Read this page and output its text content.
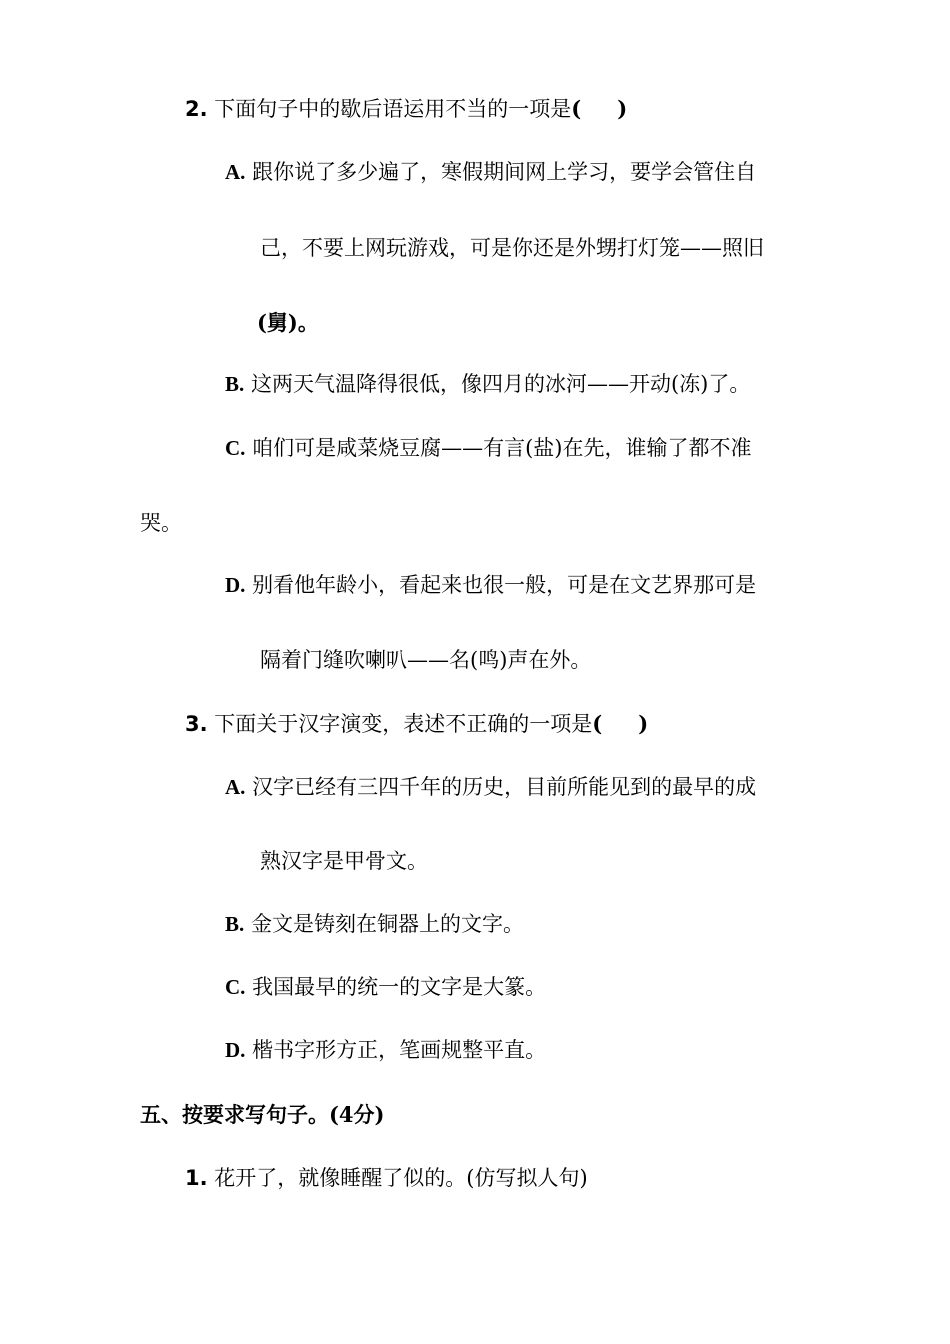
2. 下面句子中的歇后语运用不当的一项是( )
A. 跟你说了多少遍了，寒假期间网上学习，要学会管住自
己，不要上网玩游戏，可是你还是外甥打灯笼——照旧
(舅)。
B. 这两天气温降得很低，像四月的冰河——开动(冻)了。
C. 咱们可是咸菜烧豆腐——有言(盐)在先，谁输了都不准
哭。
D. 别看他年龄小，看起来也很一般，可是在文艺界那可是
隔着门缝吹喇叭——名(鸣)声在外。
3. 下面关于汉字演变，表述不正确的一项是( )
A. 汉字已经有三四千年的历史，目前所能见到的最早的成
熟汉字是甲骨文。
B. 金文是铸刻在铜器上的文字。
C. 我国最早的统一的文字是大篆。
D. 楷书字形方正，笔画规整平直。
五、按要求写句子。(4分)
1. 花开了，就像睡醒了似的。(仿写拟人句)
